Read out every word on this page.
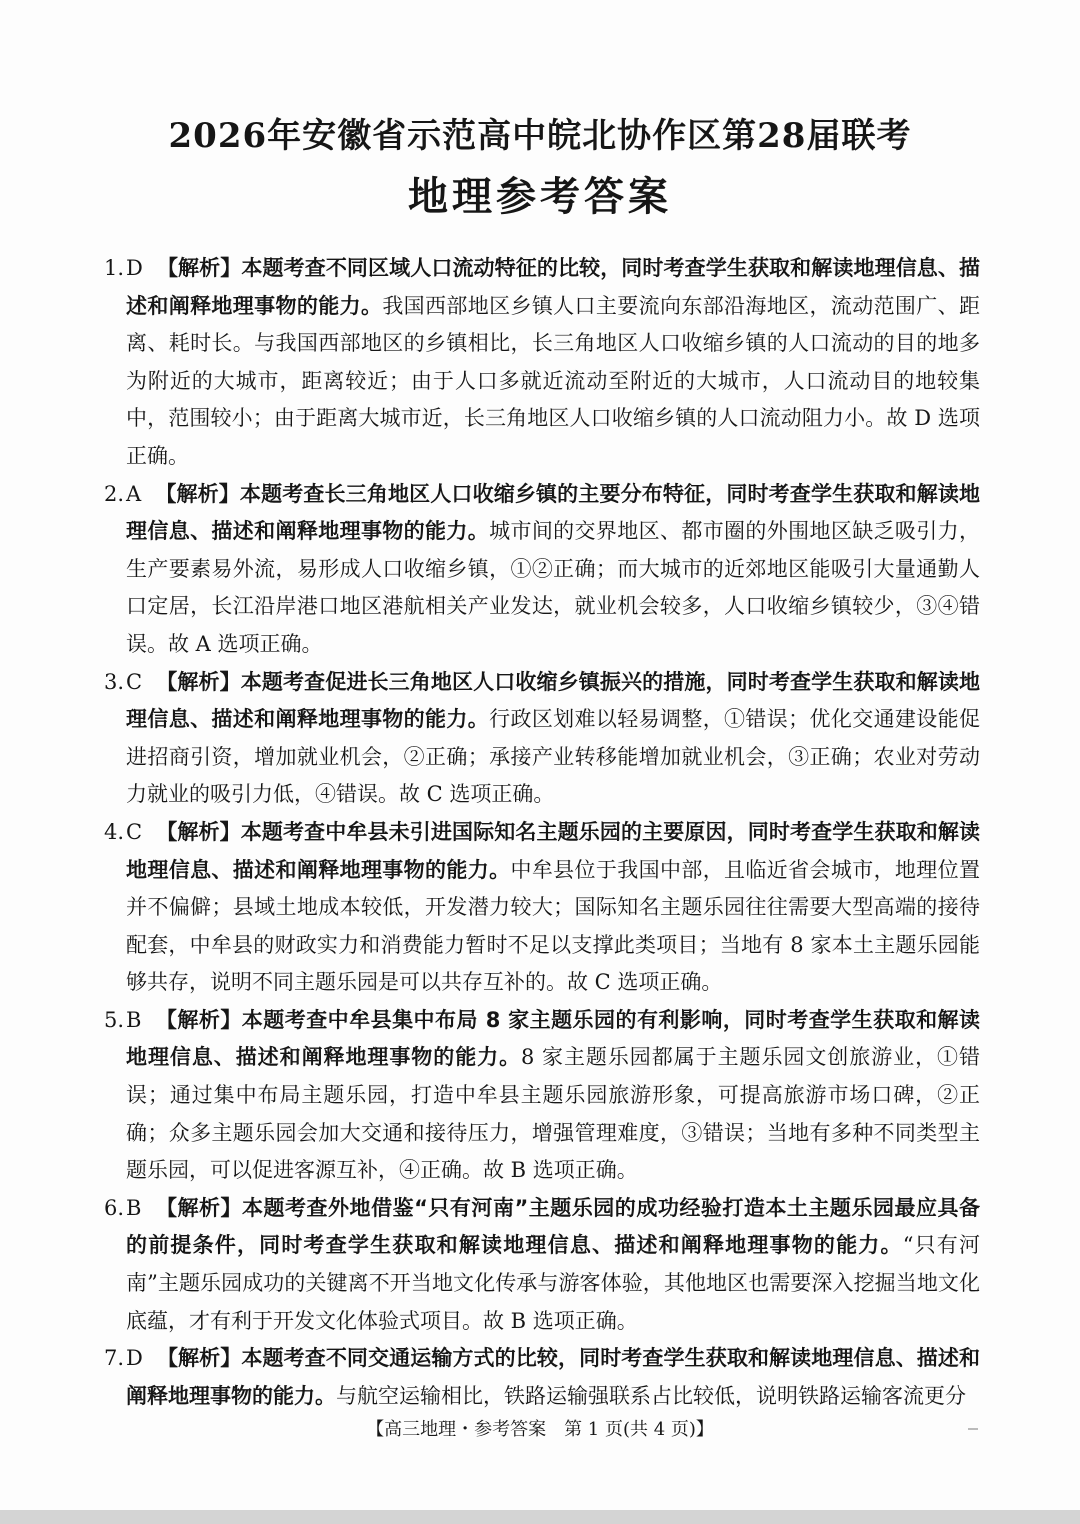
2026年安徽省示范高中皖北协作区第28届联考
地理参考答案

1. D 【解析】本题考查不同区域人口流动特征的比较，同时考查学生获取和解读地理信息、描述和阐释地理事物的能力。我国西部地区乡镇人口主要流向东部沿海地区，流动范围广、距离、耗时长。与我国西部地区的乡镇相比，长三角地区人口收缩乡镇的人口流动的目的地多为附近的大城市，距离较近；由于人口多就近流动至附近的大城市，人口流动目的地较集中，范围较小；由于距离大城市近，长三角地区人口收缩乡镇的人口流动阻力小。故 D 选项正确。

2. A 【解析】本题考查长三角地区人口收缩乡镇的主要分布特征，同时考查学生获取和解读地理信息、描述和阐释地理事物的能力。城市间的交界地区、都市圈的外围地区缺乏吸引力，生产要素易外流，易形成人口收缩乡镇，①②正确；而大城市的近郊地区能吸引大量通勤人口定居，长江沿岸港口地区港航相关产业发达，就业机会较多，人口收缩乡镇较少，③④错误。故 A 选项正确。

3. C 【解析】本题考查促进长三角地区人口收缩乡镇振兴的措施，同时考查学生获取和解读地理信息、描述和阐释地理事物的能力。行政区划难以轻易调整，①错误；优化交通建设能促进招商引资，增加就业机会，②正确；承接产业转移能增加就业机会，③正确；农业对劳动力就业的吸引力低，④错误。故 C 选项正确。

4. C 【解析】本题考查中牟县未引进国际知名主题乐园的主要原因，同时考查学生获取和解读地理信息、描述和阐释地理事物的能力。中牟县位于我国中部，且临近省会城市，地理位置并不偏僻；县域土地成本较低，开发潜力较大；国际知名主题乐园往往需要大型高端的接待配套，中牟县的财政实力和消费能力暂时不足以支撑此类项目；当地有 8 家本土主题乐园能够共存，说明不同主题乐园是可以共存互补的。故 C 选项正确。

5. B 【解析】本题考查中牟县集中布局 8 家主题乐园的有利影响，同时考查学生获取和解读地理信息、描述和阐释地理事物的能力。8 家主题乐园都属于主题乐园文创旅游业，①错误；通过集中布局主题乐园，打造中牟县主题乐园旅游形象，可提高旅游市场口碑，②正确；众多主题乐园会加大交通和接待压力，增强管理难度，③错误；当地有多种不同类型主题乐园，可以促进客源互补，④正确。故 B 选项正确。

6. B 【解析】本题考查外地借鉴“只有河南”主题乐园的成功经验打造本土主题乐园最应具备的前提条件，同时考查学生获取和解读地理信息、描述和阐释地理事物的能力。“只有河南”主题乐园成功的关键离不开当地文化传承与游客体验，其他地区也需要深入挖掘当地文化底蕴，才有利于开发文化体验式项目。故 B 选项正确。

7. D 【解析】本题考查不同交通运输方式的比较，同时考查学生获取和解读地理信息、描述和阐释地理事物的能力。与航空运输相比，铁路运输强联系占比较低，说明铁路运输客流更分

【高三地理・参考答案　第 1 页(共 4 页)】
